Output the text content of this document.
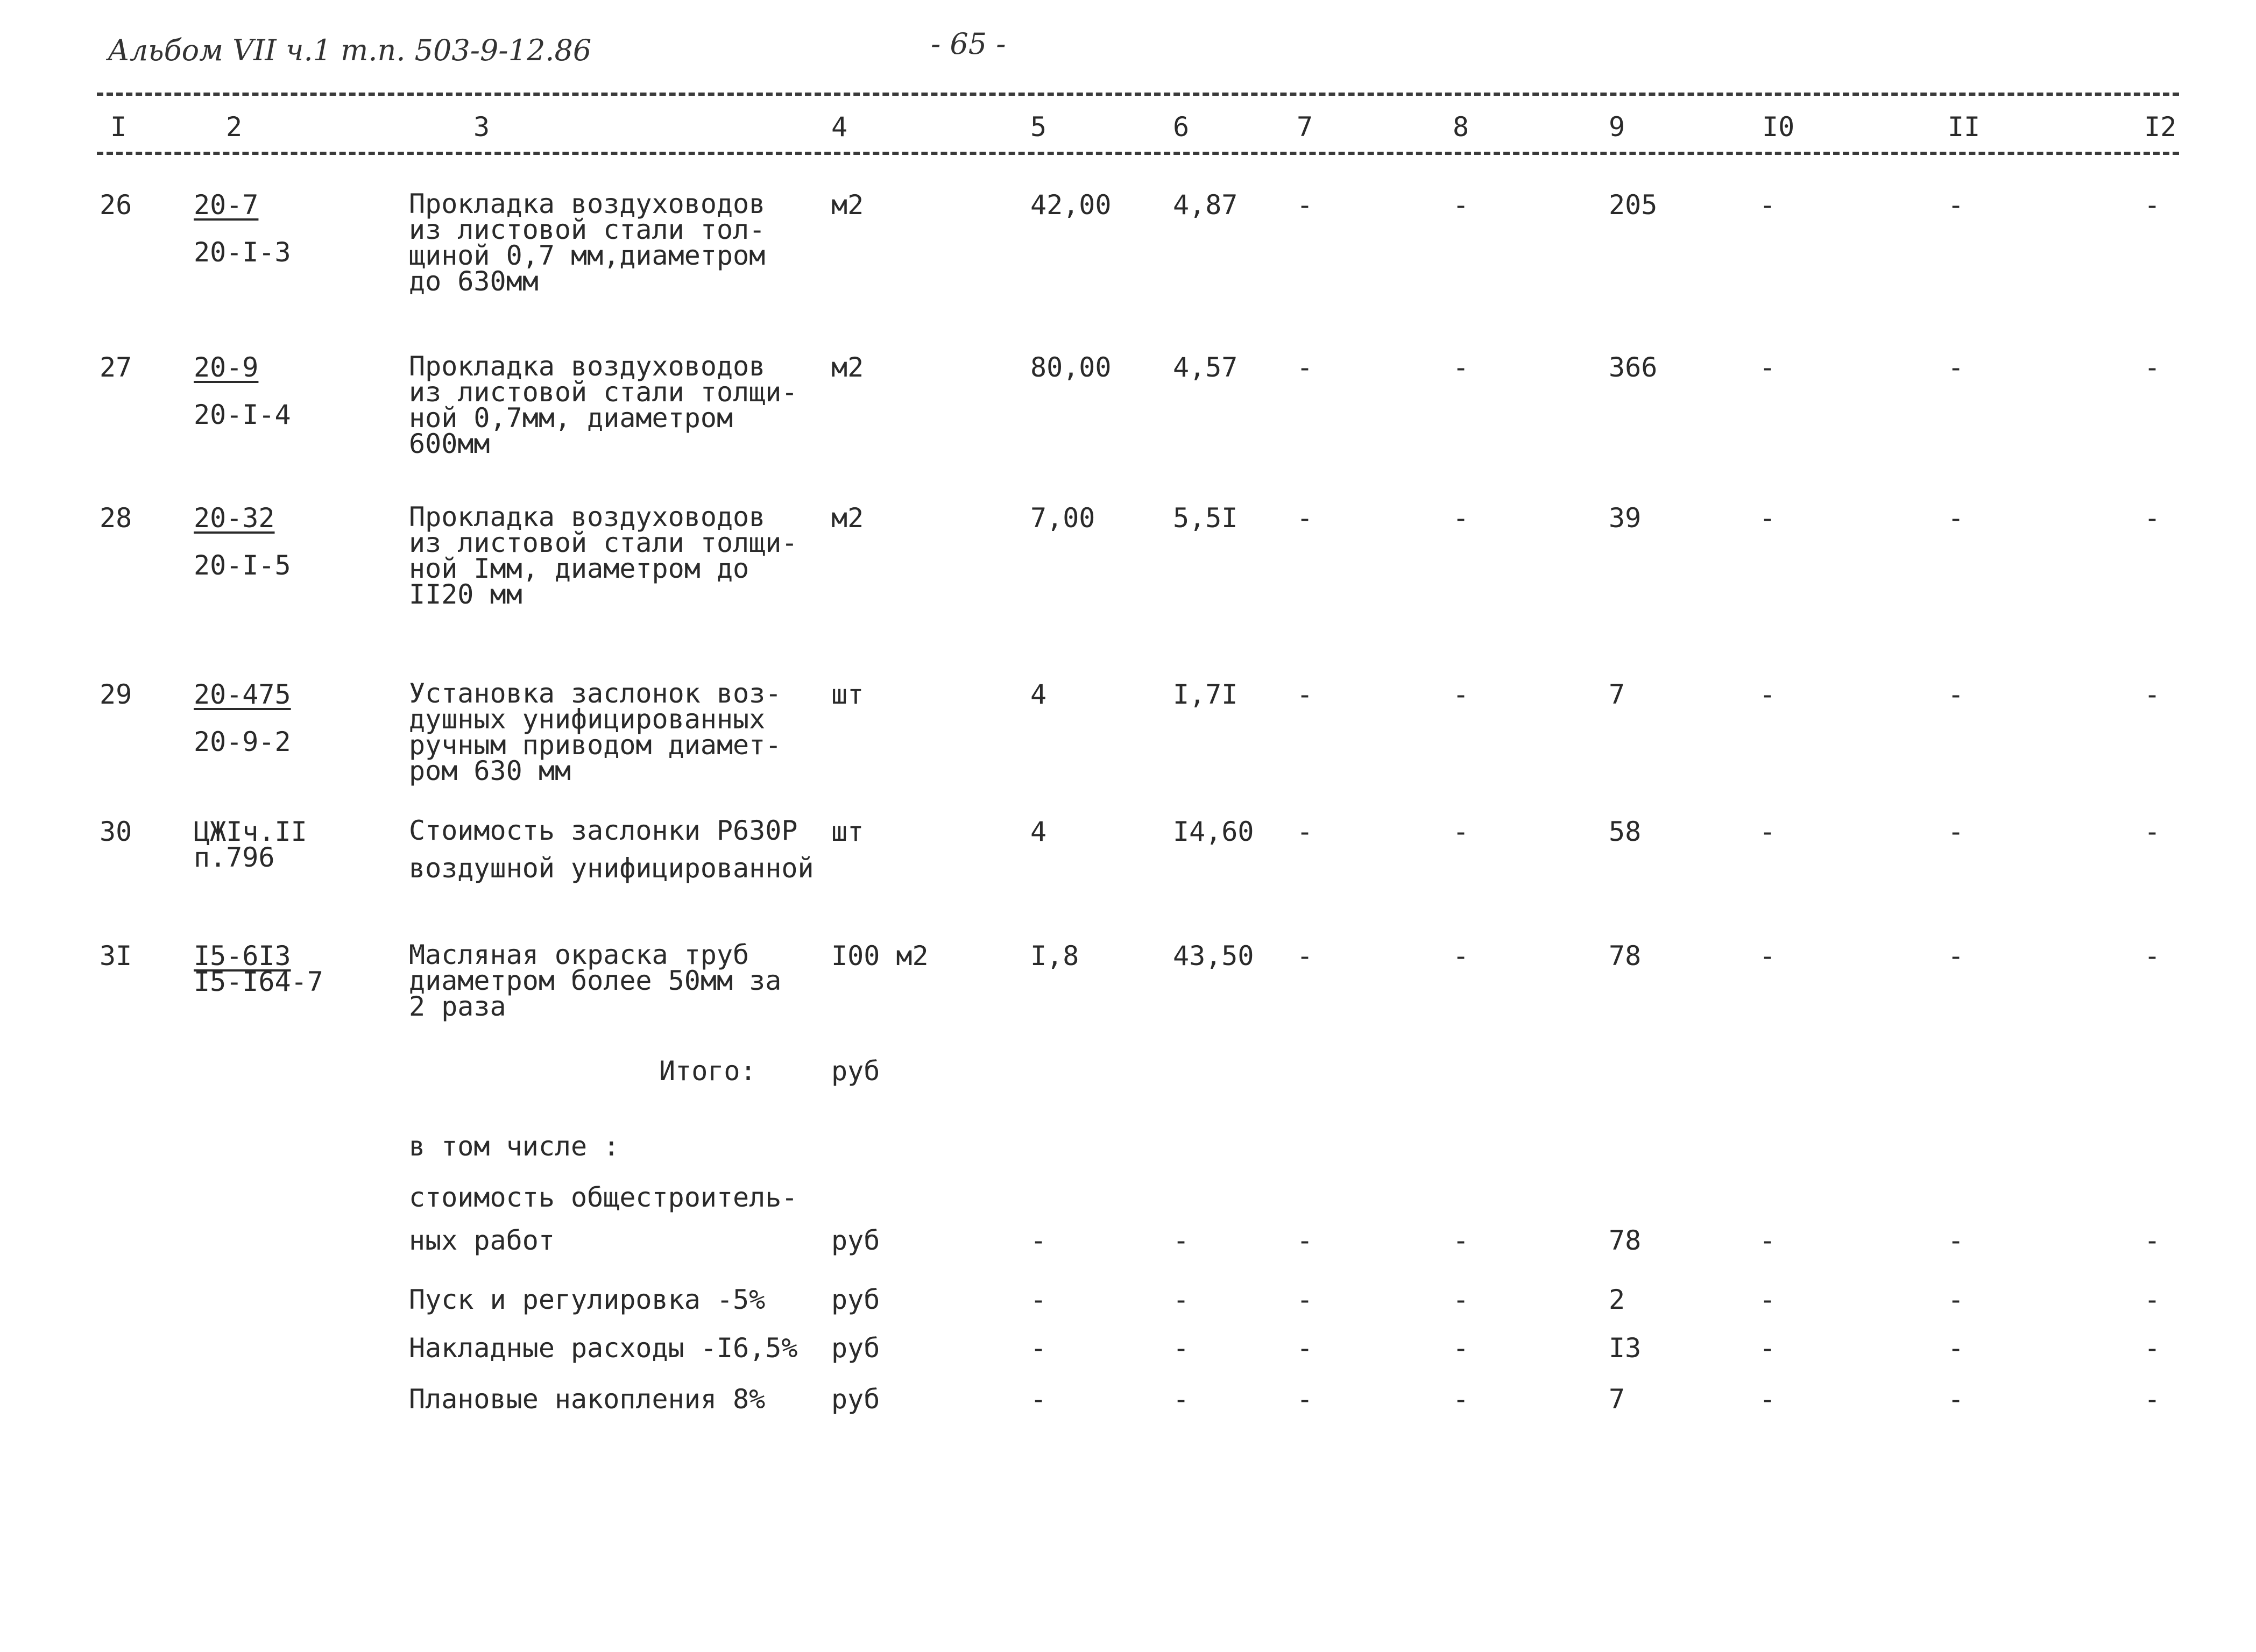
Альбом VII ч.1 т.п. 503-9-12.86	- 65 -
I	2	3	4	5	6	7	8	9	I0	II	I2
26 20-7
20-I-3
Прокладка воздуховодов
из листовой стали тол-
щиной 0,7 мм,диаметром
до 630мм
м2	42,00 4,87 -	-	205	-	-	-
27 20-9
20-I-4
Прокладка воздуховодов
из листовой стали толщи-
ной 0,7мм, диаметром
600мм
м2	80,00 4,57 -	-	366	-	-	-
28 20-32
20-I-5
Прокладка воздуховодов
из листовой стали толщи-
ной Iмм, диаметром до
II20 мм
м2	7,00	5,5I -	-	39	-	-	-
29 20-475
20-9-2
Установка заслонок воз-
душных унифицированных
ручным приводом диамет-
ром 630 мм
шт	4	I,7I -	-	7	-	-	-
30 ЦЖIч.II
п.796
Стоимость заслонки Р630Р
воздушной унифицированной
шт	4	I4,60 -	-	58	-	-	-
3I I5-6I3
I5-I64-7
Масляная окраска труб
диаметром более 50мм за
2 раза
I00 м2	I,8	43,50 -	-	78	-	-	-
Итого:	руб
в том числе :
стоимость общестроитель-
ных работ	руб	-	-	-	-	78	-	-	-
Пуск и регулировка -5% руб	-	-	-	-	2	-	-	-
Накладные расходы -I6,5% руб	-	-	-	-	I3	-	-	-
Плановые накопления 8% руб	-	-	-	-	7	-	-	-
